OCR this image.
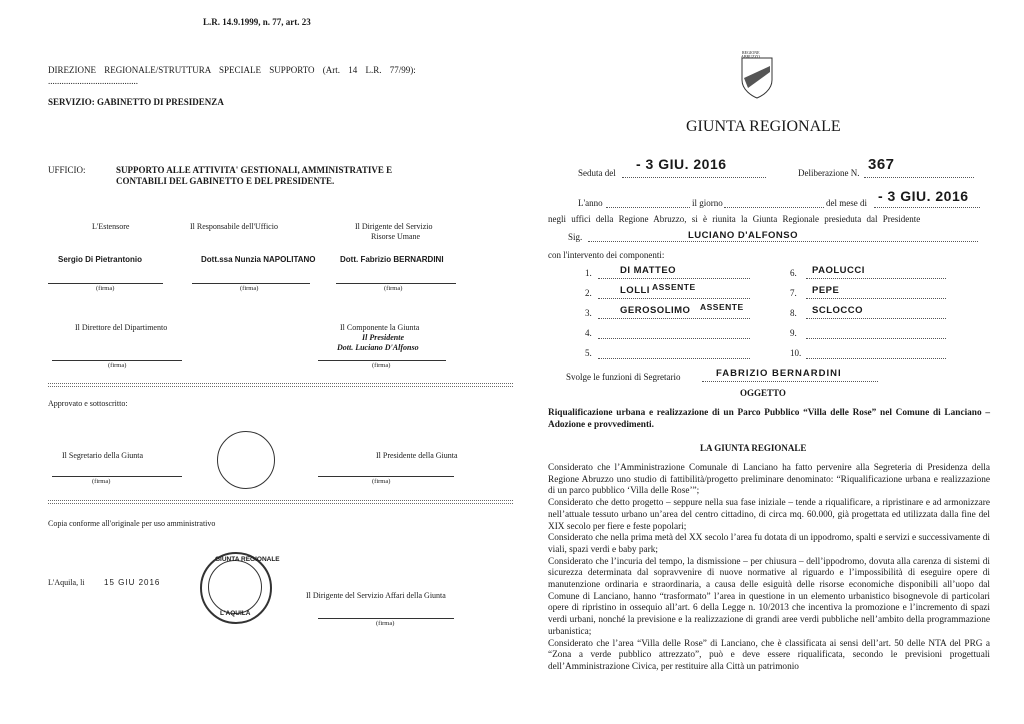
L.R. 14.9.1999, n. 77, art. 23
DIREZIONE REGIONALE/STRUTTURA SPECIALE SUPPORTO (Art. 14 L.R. 77/99):
........................................
SERVIZIO: GABINETTO DI PRESIDENZA
UFFICIO:	SUPPORTO ALLE ATTIVITA' GESTIONALI, AMMINISTRATIVE E
CONTABILI DEL GABINETTO E DEL PRESIDENTE.
L'Estensore	Il Responsabile dell'Ufficio	Il Dirigente del Servizio
Risorse Umane
Sergio Di Pietrantonio	Dott.ssa Nunzia NAPOLITANO	Dott. Fabrizio BERNARDINI
(firma)	(firma)	(firma)
Il Direttore del Dipartimento	Il Componente la Giunta
Il Presidente
Dott. Luciano D'Alfonso
(firma)	(firma)
Approvato e sottoscritto:
Il Segretario della Giunta
(firma)
Il Presidente della Giunta
(firma)
Copia conforme all'originale per uso amministrativo
GIUNTA REGIONALE
L'AQUILA
L'Aquila, li 15 GIU 2016
Il Dirigente del Servizio Affari della Giunta
(firma)
REGIONE
ABRUZZO
GIUNTA REGIONALE
Seduta del
- 3 GIU. 2016
Deliberazione N. 367
L'anno	il giorno	del mese di - 3 GIU. 2016
negli uffici della Regione Abruzzo, si è riunita la Giunta Regionale presieduta dal Presidente
Sig.	LUCIANO D'ALFONSO
con l'intervento dei componenti:
1.	DI MATTEO
2.	LOLLI ASSENTE
3.	GEROSOLIMO ASSENTE
4.
5.
6. PAOLUCCI
7. PEPE
8. SCLOCCO
9.
10.
Svolge le funzioni di Segretario	FABRIZIO BERNARDINI
OGGETTO
Riqualificazione urbana e realizzazione di un Parco Pubblico “Villa delle Rose” nel Comune di Lanciano – Adozione e provvedimenti.
LA GIUNTA REGIONALE

Considerato che l’Amministrazione Comunale di Lanciano ha fatto pervenire alla Segreteria di Presidenza della Regione Abruzzo uno studio di fattibilità/progetto preliminare denominato: “Riqualificazione urbana e realizzazione di un parco pubblico ‘Villa delle Rose’”;

Considerato che detto progetto – seppure nella sua fase iniziale – tende a riqualificare, a ripristinare e ad armonizzare nell’attuale tessuto urbano un’area del centro cittadino, di circa mq. 60.000, già progettata ed utilizzata dalla fine del XIX secolo per fiere e feste popolari;

Considerato che nella prima metà del XX secolo l’area fu dotata di un ippodromo, spalti e servizi e successivamente di viali, spazi verdi e baby park;

Considerato che l’incuria del tempo, la dismissione – per chiusura – dell’ippodromo, dovuta alla carenza di sistemi di sicurezza determinata dal sopravvenire di nuove normative al riguardo e l’impossibilità di eseguire opere di manutenzione ordinaria e straordinaria, a causa delle esiguità delle risorse economiche disponibili all’uopo dal Comune di Lanciano, hanno “trasformato” l’area in questione in un elemento urbanistico bisognevole di particolari opere di ripristino in ossequio all’art. 6 della Legge n. 10/2013 che incentiva la promozione e l’incremento di spazi verdi urbani, nonché la previsione e la realizzazione di grandi aree verdi pubbliche nell’ambito della programmazione urbanistica;

Considerato che l’area “Villa delle Rose” di Lanciano, che è classificata ai sensi dell’art. 50 delle NTA del PRG a “Zona a verde pubblico attrezzato”, può e deve essere riqualificata, secondo le previsioni progettuali dell’Amministrazione Civica, per restituire alla Città un patrimonio
